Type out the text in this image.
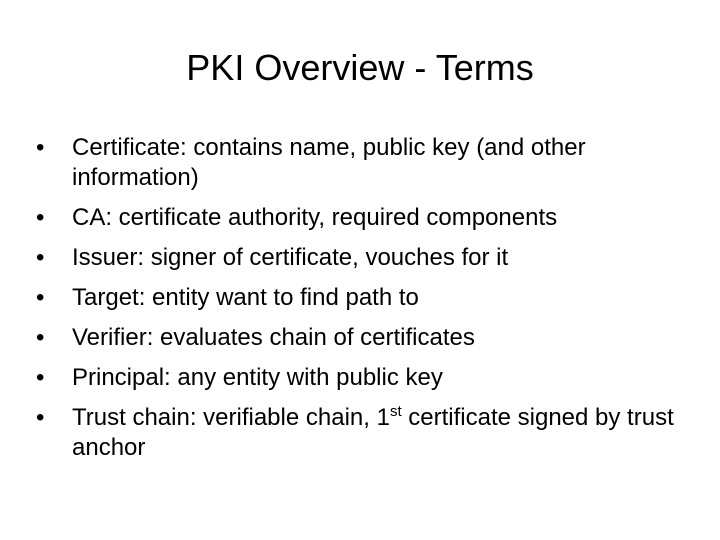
PKI Overview - Terms
•	Certificate: contains name, public key (and other information)
•	CA: certificate authority, required components
•	Issuer: signer of certificate, vouches for it
•	Target: entity want to find path to
•	Verifier: evaluates chain of certificates
•	Principal: any entity with public key
•	Trust chain: verifiable chain, 1st certificate signed by trust anchor
